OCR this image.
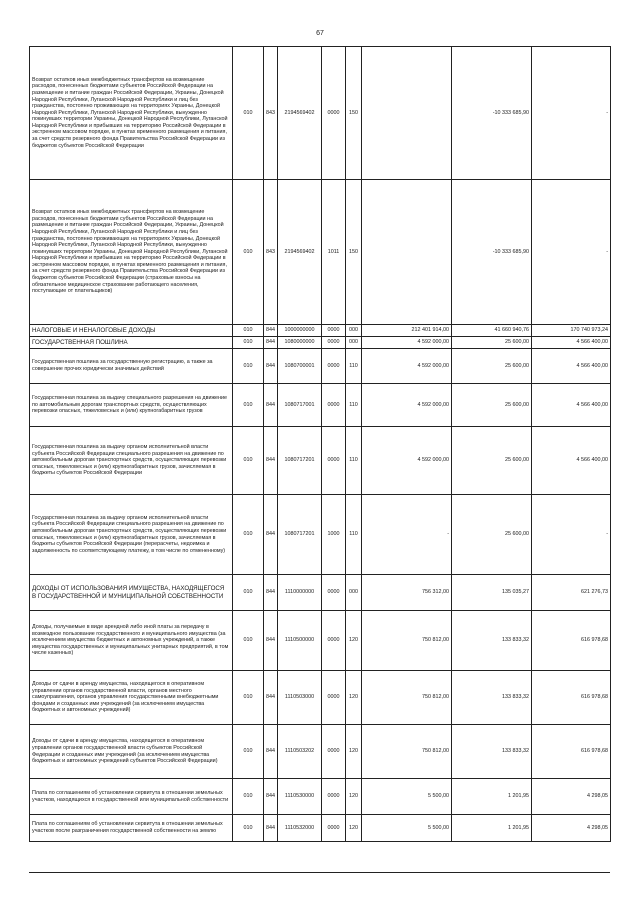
67
Возврат остатков иных межбюджетных трансфертов на возмещение расходов, понесенных бюджетами субъектов Российской Федерации на размещение и питание граждан Российской Федерации, Украины, Донецкой Народной Республики, Луганской Народной Республики и лиц без гражданства, постоянно проживающих на территориях Украины, Донецкой Народной Республики, Луганской Народной Республики, вынужденно покинувших территории Украины, Донецкой Народной Республики, Луганской Народной Республики и прибывших на территорию Российской Федерации в экстренном массовом порядке, в пунктах временного размещения и питания, за счет средств резервного фонда Правительства Российской Федерации из бюджетов субъектов Российской Федерации	010	843	2194569402	0000	150		-10 333 685,90	-
Возврат остатков иных межбюджетных трансфертов на возмещение расходов, понесенных бюджетами субъектов Российской Федерации на размещение и питание граждан Российской Федерации, Украины, Донецкой Народной Республики, Луганской Народной Республики и лиц без гражданства, постоянно проживающих на территориях Украины, Донецкой Народной Республики, Луганской Народной Республики, вынужденно покинувших территории Украины, Донецкой Народной Республики, Луганской Народной Республики и прибывших на территорию Российской Федерации в экстренном массовом порядке, в пунктах временного размещения и питания, за счет средств резервного фонда Правительства Российской Федерации из бюджетов субъектов Российской Федерации (страховые взносы на обязательное медицинское страхование работающего населения, поступающие от плательщиков)	010	843	2194569402	1011	150		-10 333 685,90	-
НАЛОГОВЫЕ И НЕНАЛОГОВЫЕ ДОХОДЫ	010	844	1000000000	0000	000	212 401 914,00	41 660 940,76	170 740 973,24
ГОСУДАРСТВЕННАЯ ПОШЛИНА	010	844	1080000000	0000	000	4 592 000,00	25 600,00	4 566 400,00
Государственная пошлина за государственную регистрацию, а также за совершение прочих юридически значимых действий	010	844	1080700001	0000	110	4 592 000,00	25 600,00	4 566 400,00
Государственная пошлина за выдачу специального разрешения на движение по автомобильным дорогам транспортных средств, осуществляющих перевозки опасных, тяжеловесных и (или) крупногабаритных грузов	010	844	1080717001	0000	110	4 592 000,00	25 600,00	4 566 400,00
Государственная пошлина за выдачу органом исполнительной власти субъекта Российской Федерации специального разрешения на движение по автомобильным дорогам транспортных средств, осуществляющих перевозки опасных, тяжеловесных и (или) крупногабаритных грузов, зачисляемая в бюджеты субъектов Российской Федерации	010	844	1080717201	0000	110	4 592 000,00	25 600,00	4 566 400,00
Государственная пошлина за выдачу органом исполнительной власти субъекта Российской Федерации специального разрешения на движение по автомобильным дорогам транспортных средств, осуществляющих перевозки опасных, тяжеловесных и (или) крупногабаритных грузов, зачисляемая в бюджеты субъектов Российской Федерации (перерасчеты, недоимка и задолженность по соответствующему платежу, в том числе по отмененному)	010	844	1080717201	1000	110	-	25 600,00	-
ДОХОДЫ ОТ ИСПОЛЬЗОВАНИЯ ИМУЩЕСТВА, НАХОДЯЩЕГОСЯ В ГОСУДАРСТВЕННОЙ И МУНИЦИПАЛЬНОЙ СОБСТВЕННОСТИ	010	844	1110000000	0000	000	756 312,00	135 035,27	621 276,73
Доходы, получаемые в виде арендной либо иной платы за передачу в возмездное пользование государственного и муниципального имущества (за исключением имущества бюджетных и автономных учреждений, а также имущества государственных и муниципальных унитарных предприятий, в том числе казенных)	010	844	1110500000	0000	120	750 812,00	133 833,32	616 978,68
Доходы от сдачи в аренду имущества, находящегося в оперативном управлении органов государственной власти, органов местного самоуправления, органов управления государственными внебюджетными фондами и созданных ими учреждений (за исключением имущества бюджетных и автономных учреждений)	010	844	1110503000	0000	120	750 812,00	133 833,32	616 978,68
Доходы от сдачи в аренду имущества, находящегося в оперативном управлении органов государственной власти субъектов Российской Федерации и созданных ими учреждений (за исключением имущества бюджетных и автономных учреждений субъектов Российской Федерации)	010	844	1110503202	0000	120	750 812,00	133 833,32	616 978,68
Плата по соглашениям об установлении сервитута в отношении земельных участков, находящихся в государственной или муниципальной собственности	010	844	1110530000	0000	120	5 500,00	1 201,95	4 298,05
Плата по соглашениям об установлении сервитута в отношении земельных участков после разграничения государственной собственности на землю	010	844	1110532000	0000	120	5 500,00	1 201,95	4 298,05
